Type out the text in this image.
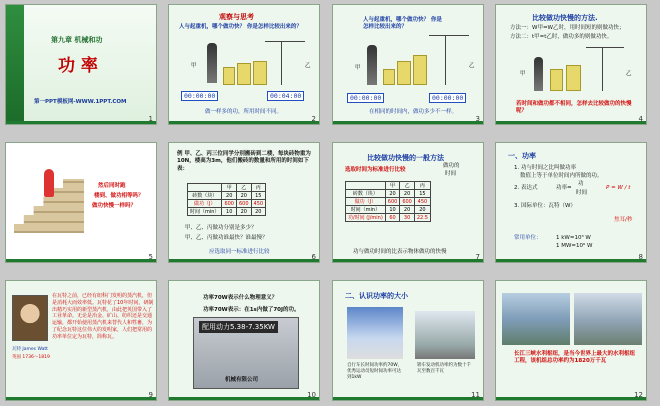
第九章 机械和功
功 率
第一PPT模板网-WWW.1PPT.COM
1
观察与思考
人与起重机，哪个做功快？ 你是怎样比较出来的？
甲	乙
00:00:00	00:04:00
做一样多的功，所用时间不同。
2
人与起重机，哪个做功快？ 你是怎样比较出来的？
甲	乙
00:00:00	00:00:00
在相同的时间内，做功多少不一样。
3
比较做功快慢的方法.
方法一：W甲=W乙时，用时间短的则做功快；
方法二：t甲=t乙时，做功多的则做功快。
甲	乙
若时间和做功都不相同，怎样去比较做功的快慢呢？
4
然后同时跑
楼到、做功相等吗？
做功快慢一样吗？
5
例 甲、乙、丙三位同学分别搬砖到二楼，每块砖物重为10N，楼高为3m，他们搬砖的数量和所用的时间如下表：
	甲	乙	丙
砖数（块）	20	20	15
做功（J）	600	600	450
时间（min）	10	20	20
甲、乙、丙做功分别是多少？
甲、乙、丙做功谁最快？谁最慢？
应选取同一标准进行比较
6
比较做功快慢的一般方法
选取时间为标准进行比较
做功的
时间
	甲	乙	丙
砖数（块）	20	20	15
做功（J）	600	600	450
时间（min）	10	20	20
功/时间 (J/min)	60	30	22.5
功与做功时间的比表示物体做功的快慢
7
一、功率
1. 功与时间之比叫做功率
数值上等于单位时间内所做的功。
2. 表达式	功率=
功
时间
P = W / t
3. 国际单位：瓦特（W）
焦耳/秒
常用单位：	1 kW=10³ W
1 MW=10⁶ W
8
瓦特 James Watt
英国 1736～1819
在瓦特之前，已经有纽科门发明的蒸汽机，但是消耗大而效率低。瓦特花了10年时间，研制出精巧实用的新型蒸汽机，由此把英国带入了工业革命。无论是冶金、矿山、纺织还是交通运输，都开始使用蒸汽机来替代人和牲畜，为了纪念瓦特这位伟大的发明家，人们把常用的功率单位定为瓦特，简称瓦。
9
功率70W表示什么物理意义？
功率70W表示：在1s内做了70J的功。
配用动力5.38-7.35KW
机械有限公司
10
二、认识功率的大小
自行车长时间功率约70W，优秀运动员短时间功率可达到1kW
轿车发动机功率约为数十千瓦至数百千瓦
11
长江三峡水利枢纽，是当今世界上最大的水利枢纽工程，该机组总功率约为1820万千瓦
12
